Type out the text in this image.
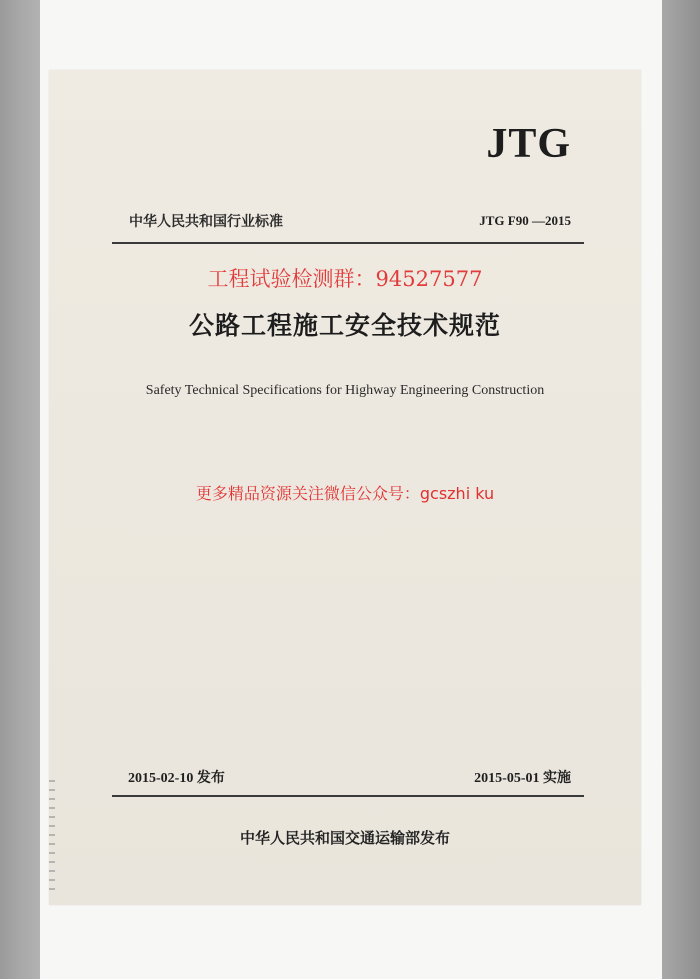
JTG
中华人民共和国行业标准	JTG F90 —2015
工程试验检测群：94527577
公路工程施工安全技术规范
Safety Technical Specifications for Highway Engineering Construction
更多精品资源关注微信公众号：gcszhi ku
2015-02-10 发布	2015-05-01 实施
中华人民共和国交通运输部发布
